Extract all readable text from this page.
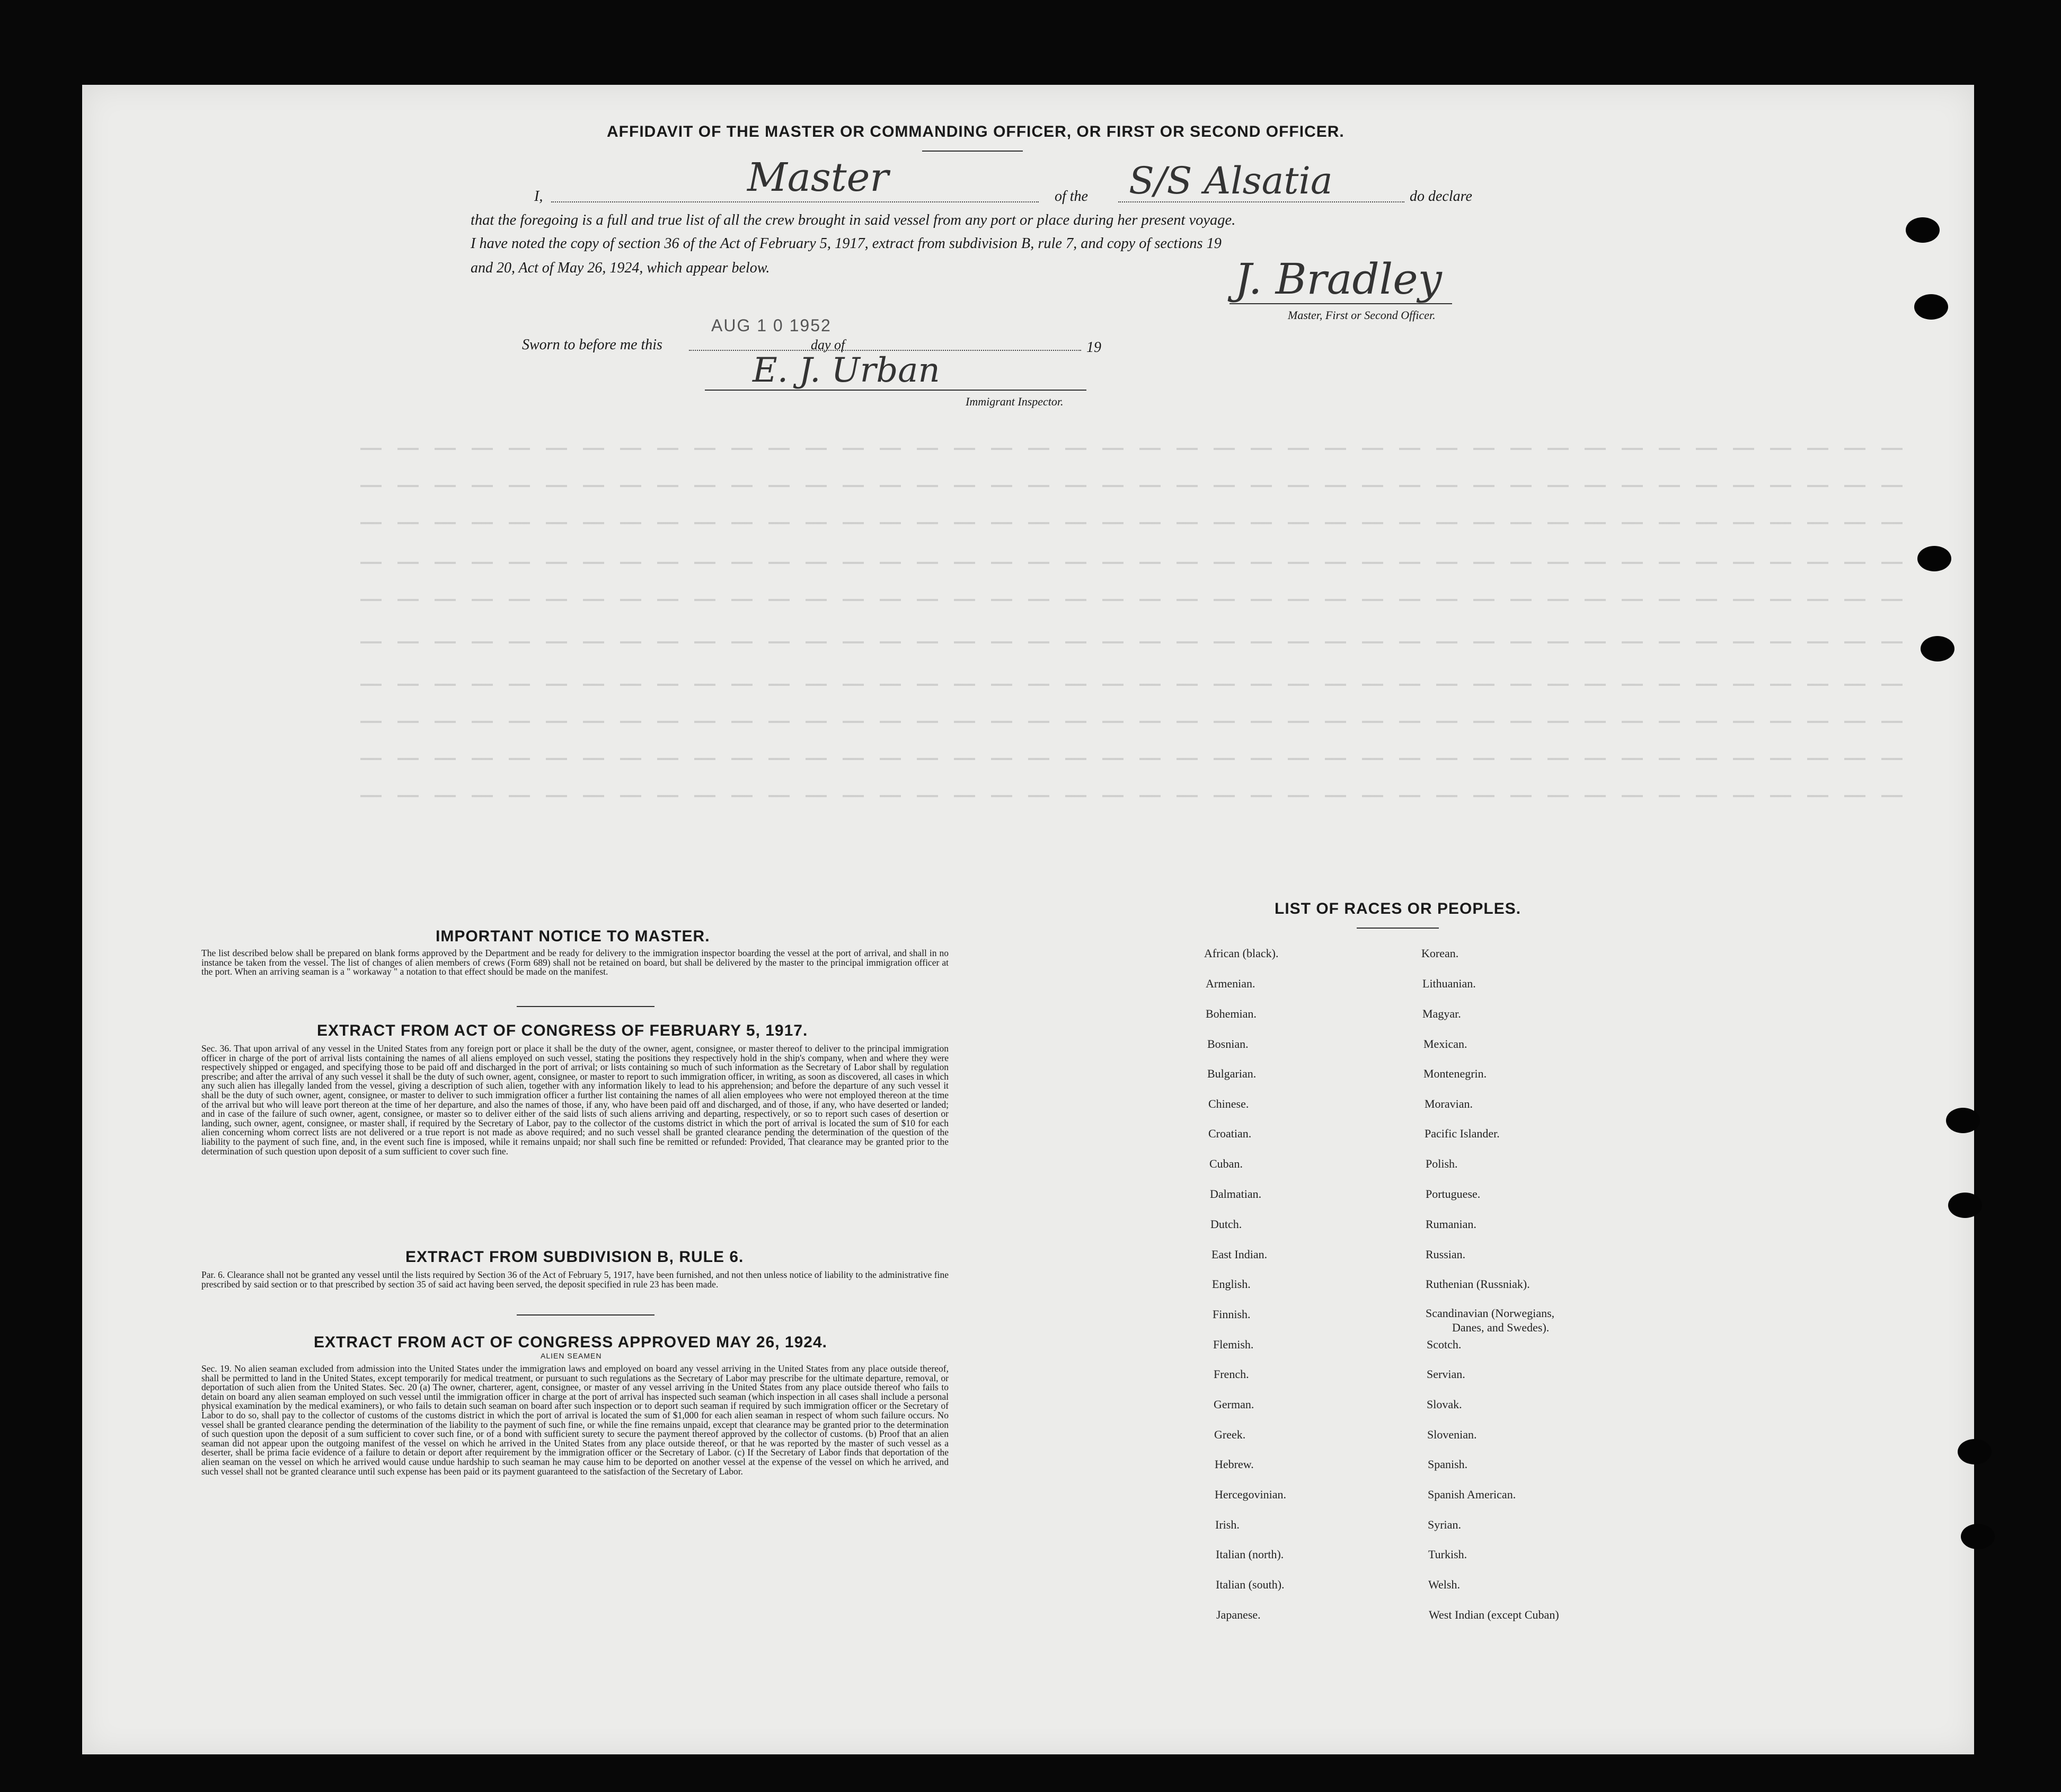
AFFIDAVIT OF THE MASTER OR COMMANDING OFFICER, OR FIRST OR SECOND OFFICER.
I,	Master	of the S/S Alsatia	do declare
that the foregoing is a full and true list of all the crew brought in said vessel from any port or place during her present voyage.
I have noted the copy of section 36 of the Act of February 5, 1917, extract from subdivision B, rule 7, and copy of sections 19
and 20, Act of May 26, 1924, which appear below.	J. Bradley
Master, First or Second Officer.
Sworn to before me this
AUG 1 0 1952
day of	19
E. J. Urban
Immigrant Inspector.
IMPORTANT NOTICE TO MASTER.
The list described below shall be prepared on blank forms approved by the Department and be ready for delivery to the immigration inspector boarding the vessel at the port of arrival, and shall in no instance be taken from the vessel. The list of changes of alien members of crews (Form 689) shall not be retained on board, but shall be delivered by the master to the principal immigration officer at the port. When an arriving seaman is a " workaway " a notation to that effect should be made on the manifest.
EXTRACT FROM ACT OF CONGRESS OF FEBRUARY 5, 1917.
Sec. 36. That upon arrival of any vessel in the United States from any foreign port or place it shall be the duty of the owner, agent, consignee, or master thereof to deliver to the principal immigration officer in charge of the port of arrival lists containing the names of all aliens employed on such vessel, stating the positions they respectively hold in the ship's company, when and where they were respectively shipped or engaged, and specifying those to be paid off and discharged in the port of arrival; or lists containing so much of such information as the Secretary of Labor shall by regulation prescribe; and after the arrival of any such vessel it shall be the duty of such owner, agent, consignee, or master to report to such immigration officer, in writing, as soon as discovered, all cases in which any such alien has illegally landed from the vessel, giving a description of such alien, together with any information likely to lead to his apprehension; and before the departure of any such vessel it shall be the duty of such owner, agent, consignee, or master to deliver to such immigration officer a further list containing the names of all alien employees who were not employed thereon at the time of the arrival but who will leave port thereon at the time of her departure, and also the names of those, if any, who have been paid off and discharged, and of those, if any, who have deserted or landed; and in case of the failure of such owner, agent, consignee, or master so to deliver either of the said lists of such aliens arriving and departing, respectively, or so to report such cases of desertion or landing, such owner, agent, consignee, or master shall, if required by the Secretary of Labor, pay to the collector of the customs district in which the port of arrival is located the sum of $10 for each alien concerning whom correct lists are not delivered or a true report is not made as above required; and no such vessel shall be granted clearance pending the determination of the question of the liability to the payment of such fine, and, in the event such fine is imposed, while it remains unpaid; nor shall such fine be remitted or refunded: Provided, That clearance may be granted prior to the determination of such question upon deposit of a sum sufficient to cover such fine.
EXTRACT FROM SUBDIVISION B, RULE 6.
Par. 6. Clearance shall not be granted any vessel until the lists required by Section 36 of the Act of February 5, 1917, have been furnished, and not then unless notice of liability to the administrative fine prescribed by said section or to that prescribed by section 35 of said act having been served, the deposit specified in rule 23 has been made.
EXTRACT FROM ACT OF CONGRESS APPROVED MAY 26, 1924.
ALIEN SEAMEN
Sec. 19. No alien seaman excluded from admission into the United States under the immigration laws and employed on board any vessel arriving in the United States from any place outside thereof, shall be permitted to land in the United States, except temporarily for medical treatment, or pursuant to such regulations as the Secretary of Labor may prescribe for the ultimate departure, removal, or deportation of such alien from the United States. Sec. 20 (a) The owner, charterer, agent, consignee, or master of any vessel arriving in the United States from any place outside thereof who fails to detain on board any alien seaman employed on such vessel until the immigration officer in charge at the port of arrival has inspected such seaman (which inspection in all cases shall include a personal physical examination by the medical examiners), or who fails to detain such seaman on board after such inspection or to deport such seaman if required by such immigration officer or the Secretary of Labor to do so, shall pay to the collector of customs of the customs district in which the port of arrival is located the sum of $1,000 for each alien seaman in respect of whom such failure occurs. No vessel shall be granted clearance pending the determination of the liability to the payment of such fine, or while the fine remains unpaid, except that clearance may be granted prior to the determination of such question upon the deposit of a sum sufficient to cover such fine, or of a bond with sufficient surety to secure the payment thereof approved by the collector of customs. (b) Proof that an alien seaman did not appear upon the outgoing manifest of the vessel on which he arrived in the United States from any place outside thereof, or that he was reported by the master of such vessel as a deserter, shall be prima facie evidence of a failure to detain or deport after requirement by the immigration officer or the Secretary of Labor. (c) If the Secretary of Labor finds that deportation of the alien seaman on the vessel on which he arrived would cause undue hardship to such seaman he may cause him to be deported on another vessel at the expense of the vessel on which he arrived, and such vessel shall not be granted clearance until such expense has been paid or its payment guaranteed to the satisfaction of the Secretary of Labor.
LIST OF RACES OR PEOPLES.
African (black).
Armenian.
Bohemian.
Bosnian.
Bulgarian.
Chinese.
Croatian.
Cuban.
Dalmatian.
Dutch.
East Indian.
English.
Finnish.
Flemish.
French.
German.
Greek.
Hebrew.
Hercegovinian.
Irish.
Italian (north).
Italian (south).
Japanese.
Korean.
Lithuanian.
Magyar.
Mexican.
Montenegrin.
Moravian.
Pacific Islander.
Polish.
Portuguese.
Rumanian.
Russian.
Ruthenian (Russniak).
Scandinavian (Norwegians,
Danes, and Swedes).
Scotch.
Servian.
Slovak.
Slovenian.
Spanish.
Spanish American.
Syrian.
Turkish.
Welsh.
West Indian (except Cuban)
